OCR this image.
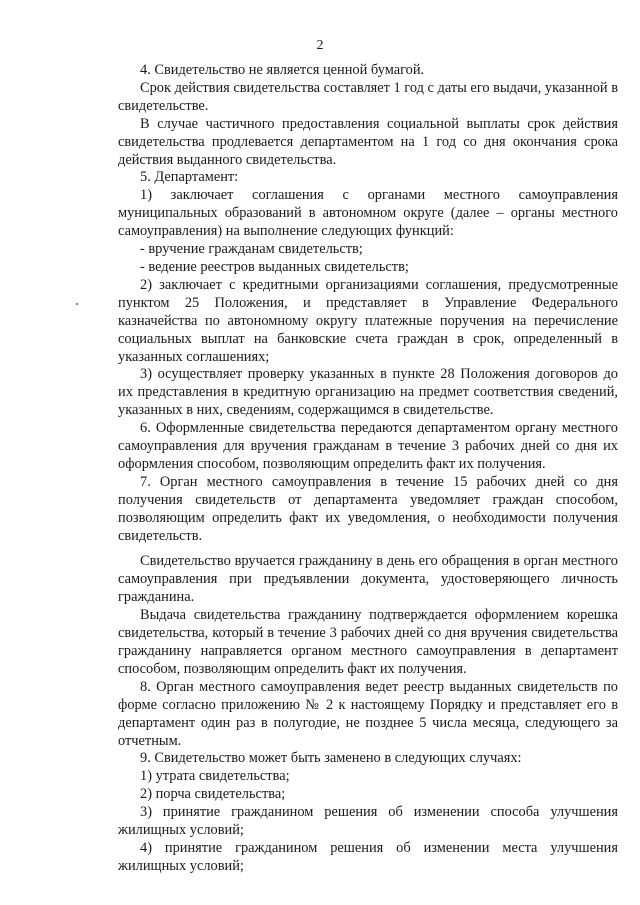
2

4. Свидетельство не является ценной бумагой.

Срок действия свидетельства составляет 1 год с даты его выдачи, указанной в свидетельстве.

В случае частичного предоставления социальной выплаты срок действия свидетельства продлевается департаментом на 1 год со дня окончания срока действия выданного свидетельства.

5. Департамент:

1) заключает соглашения с органами местного самоуправления муниципальных образований в автономном округе (далее – органы местного самоуправления) на выполнение следующих функций:

- вручение гражданам свидетельств;

- ведение реестров выданных свидетельств;

2) заключает с кредитными организациями соглашения, предусмотренные пунктом 25 Положения, и представляет в Управление Федерального казначейства по автономному округу платежные поручения на перечисление социальных выплат на банковские счета граждан в срок, определенный в указанных соглашениях;

3) осуществляет проверку указанных в пункте 28 Положения договоров до их представления в кредитную организацию на предмет соответствия сведений, указанных в них, сведениям, содержащимся в свидетельстве.

6. Оформленные свидетельства передаются департаментом органу местного самоуправления для вручения гражданам в течение 3 рабочих дней со дня их оформления способом, позволяющим определить факт их получения.

7. Орган местного самоуправления в течение 15 рабочих дней со дня получения свидетельств от департамента уведомляет граждан способом, позволяющим определить факт их уведомления, о необходимости получения свидетельств.

Свидетельство вручается гражданину в день его обращения в орган местного самоуправления при предъявлении документа, удостоверяющего личность гражданина.

Выдача свидетельства гражданину подтверждается оформлением корешка свидетельства, который в течение 3 рабочих дней со дня вручения свидетельства гражданину направляется органом местного самоуправления в департамент способом, позволяющим определить факт их получения.

8. Орган местного самоуправления ведет реестр выданных свидетельств по форме согласно приложению № 2 к настоящему Порядку и представляет его в департамент один раз в полугодие, не позднее 5 числа месяца, следующего за отчетным.

9. Свидетельство может быть заменено в следующих случаях:

1) утрата свидетельства;

2) порча свидетельства;

3) принятие гражданином решения об изменении способа улучшения жилищных условий;

4) принятие гражданином решения об изменении места улучшения жилищных условий;
